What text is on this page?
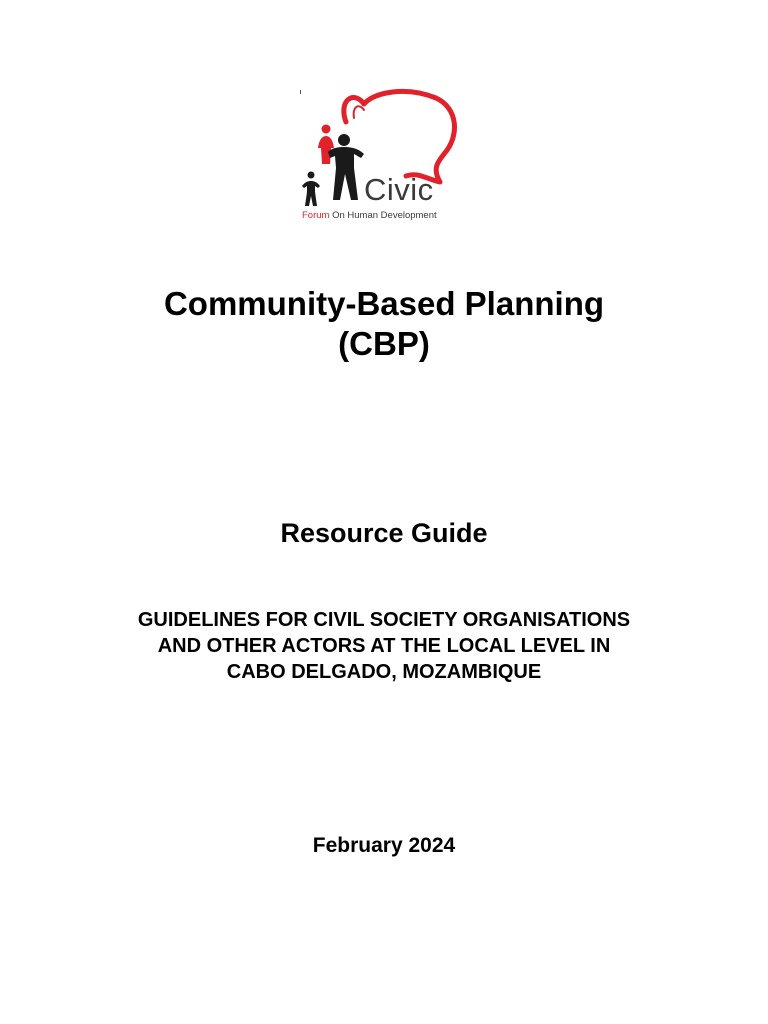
Civic
Forum On Human Development
Community-Based Planning
(CBP)
Resource Guide
GUIDELINES FOR CIVIL SOCIETY ORGANISATIONS
AND OTHER ACTORS AT THE LOCAL LEVEL IN
CABO DELGADO, MOZAMBIQUE
February 2024
